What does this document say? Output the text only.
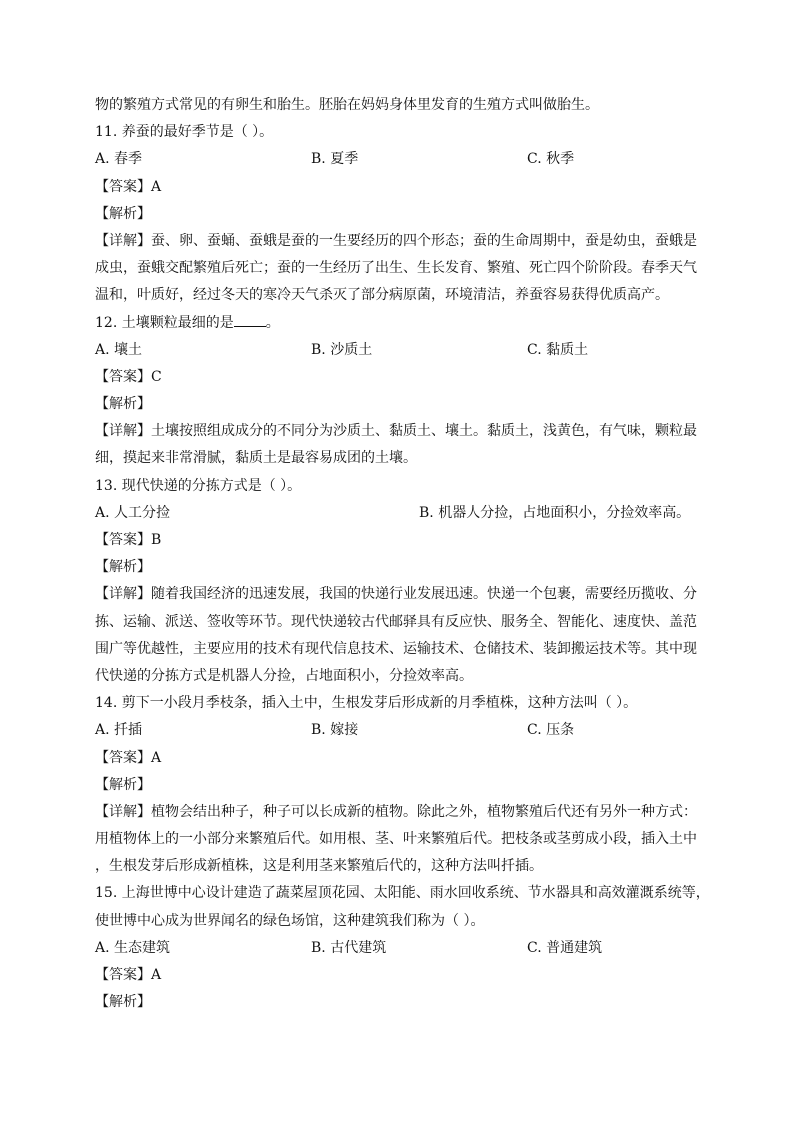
物的繁殖方式常见的有卵生和胎生。胚胎在妈妈身体里发育的生殖方式叫做胎生。
11. 养蚕的最好季节是（ ）。
A. 春季	B. 夏季	C. 秋季
【答案】A
【解析】
【详解】蚕、卵、蚕蛹、蚕蛾是蚕的一生要经历的四个形态；蚕的生命周期中，蚕是幼虫，蚕蛾是
成虫，蚕蛾交配繁殖后死亡；蚕的一生经历了出生、生长发育、繁殖、死亡四个阶阶段。春季天气
温和，叶质好，经过冬天的寒冷天气杀灭了部分病原菌，环境清洁，养蚕容易获得优质高产。
12. 土壤颗粒最细的是 。
A. 壤土	B. 沙质土	C. 黏质土
【答案】C
【解析】
【详解】土壤按照组成成分的不同分为沙质土、黏质土、壤土。黏质土，浅黄色，有气味，颗粒最
细，摸起来非常滑腻，黏质土是最容易成团的土壤。
13. 现代快递的分拣方式是（ ）。
A. 人工分捡	B. 机器人分捡，占地面积小，分捡效率高。
【答案】B
【解析】
【详解】随着我国经济的迅速发展，我国的快递行业发展迅速。快递一个包裹，需要经历揽收、分
拣、运输、派送、签收等环节。现代快递较古代邮驿具有反应快、服务全、智能化、速度快、盖范
围广等优越性，主要应用的技术有现代信息技术、运输技术、仓储技术、装卸搬运技术等。其中现
代快递的分拣方式是机器人分捡，占地面积小，分捡效率高。
14. 剪下一小段月季枝条，插入土中，生根发芽后形成新的月季植株，这种方法叫（ ）。
A. 扦插	B. 嫁接	C. 压条
【答案】A
【解析】
【详解】植物会结出种子，种子可以长成新的植物。除此之外，植物繁殖后代还有另外一种方式：
用植物体上的一小部分来繁殖后代。如用根、茎、叶来繁殖后代。把枝条或茎剪成小段，插入土中
，生根发芽后形成新植株，这是利用茎来繁殖后代的，这种方法叫扦插。
15. 上海世博中心设计建造了蔬菜屋顶花园、太阳能、雨水回收系统、节水器具和高效灌溉系统等，
使世博中心成为世界闻名的绿色场馆，这种建筑我们称为（ ）。
A. 生态建筑	B. 古代建筑	C. 普通建筑
【答案】A
【解析】
